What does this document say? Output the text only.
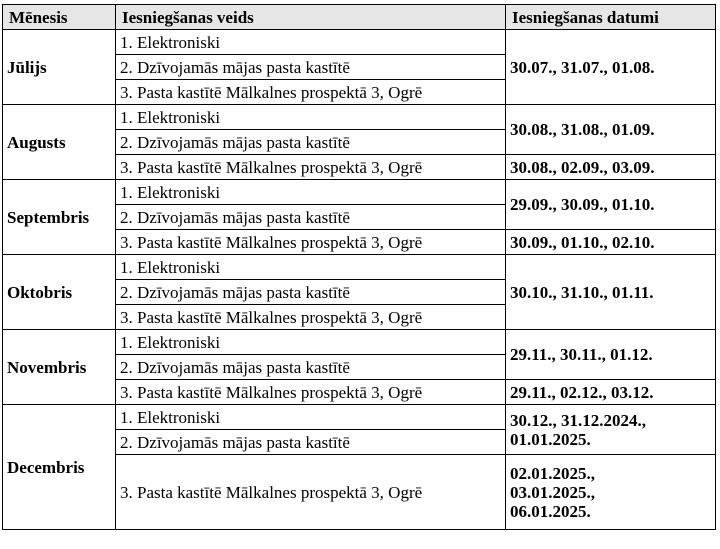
Mēnesis	Iesniegšanas veids	Iesniegšanas datumi
Jūlijs	1. Elektroniski	30.07., 31.07., 01.08.
	2. Dzīvojamās mājas pasta kastītē	
	3. Pasta kastītē Mālkalnes prospektā 3, Ogrē	
Augusts	1. Elektroniski	30.08., 31.08., 01.09.
	2. Dzīvojamās mājas pasta kastītē	
	3. Pasta kastītē Mālkalnes prospektā 3, Ogrē	30.08., 02.09., 03.09.
Septembris	1. Elektroniski	29.09., 30.09., 01.10.
	2. Dzīvojamās mājas pasta kastītē	
	3. Pasta kastītē Mālkalnes prospektā 3, Ogrē	30.09., 01.10., 02.10.
Oktobris	1. Elektroniski	30.10., 31.10., 01.11.
	2. Dzīvojamās mājas pasta kastītē	
	3. Pasta kastītē Mālkalnes prospektā 3, Ogrē	
Novembris	1. Elektroniski	29.11., 30.11., 01.12.
	2. Dzīvojamās mājas pasta kastītē	
	3. Pasta kastītē Mālkalnes prospektā 3, Ogrē	29.11., 02.12., 03.12.
Decembris	1. Elektroniski	30.12., 31.12.2024.,
01.01.2025.

	2. Dzīvojamās mājas pasta kastītē	
	3. Pasta kastītē Mālkalnes prospektā 3, Ogrē	02.01.2025.,
03.01.2025.,
06.01.2025.
